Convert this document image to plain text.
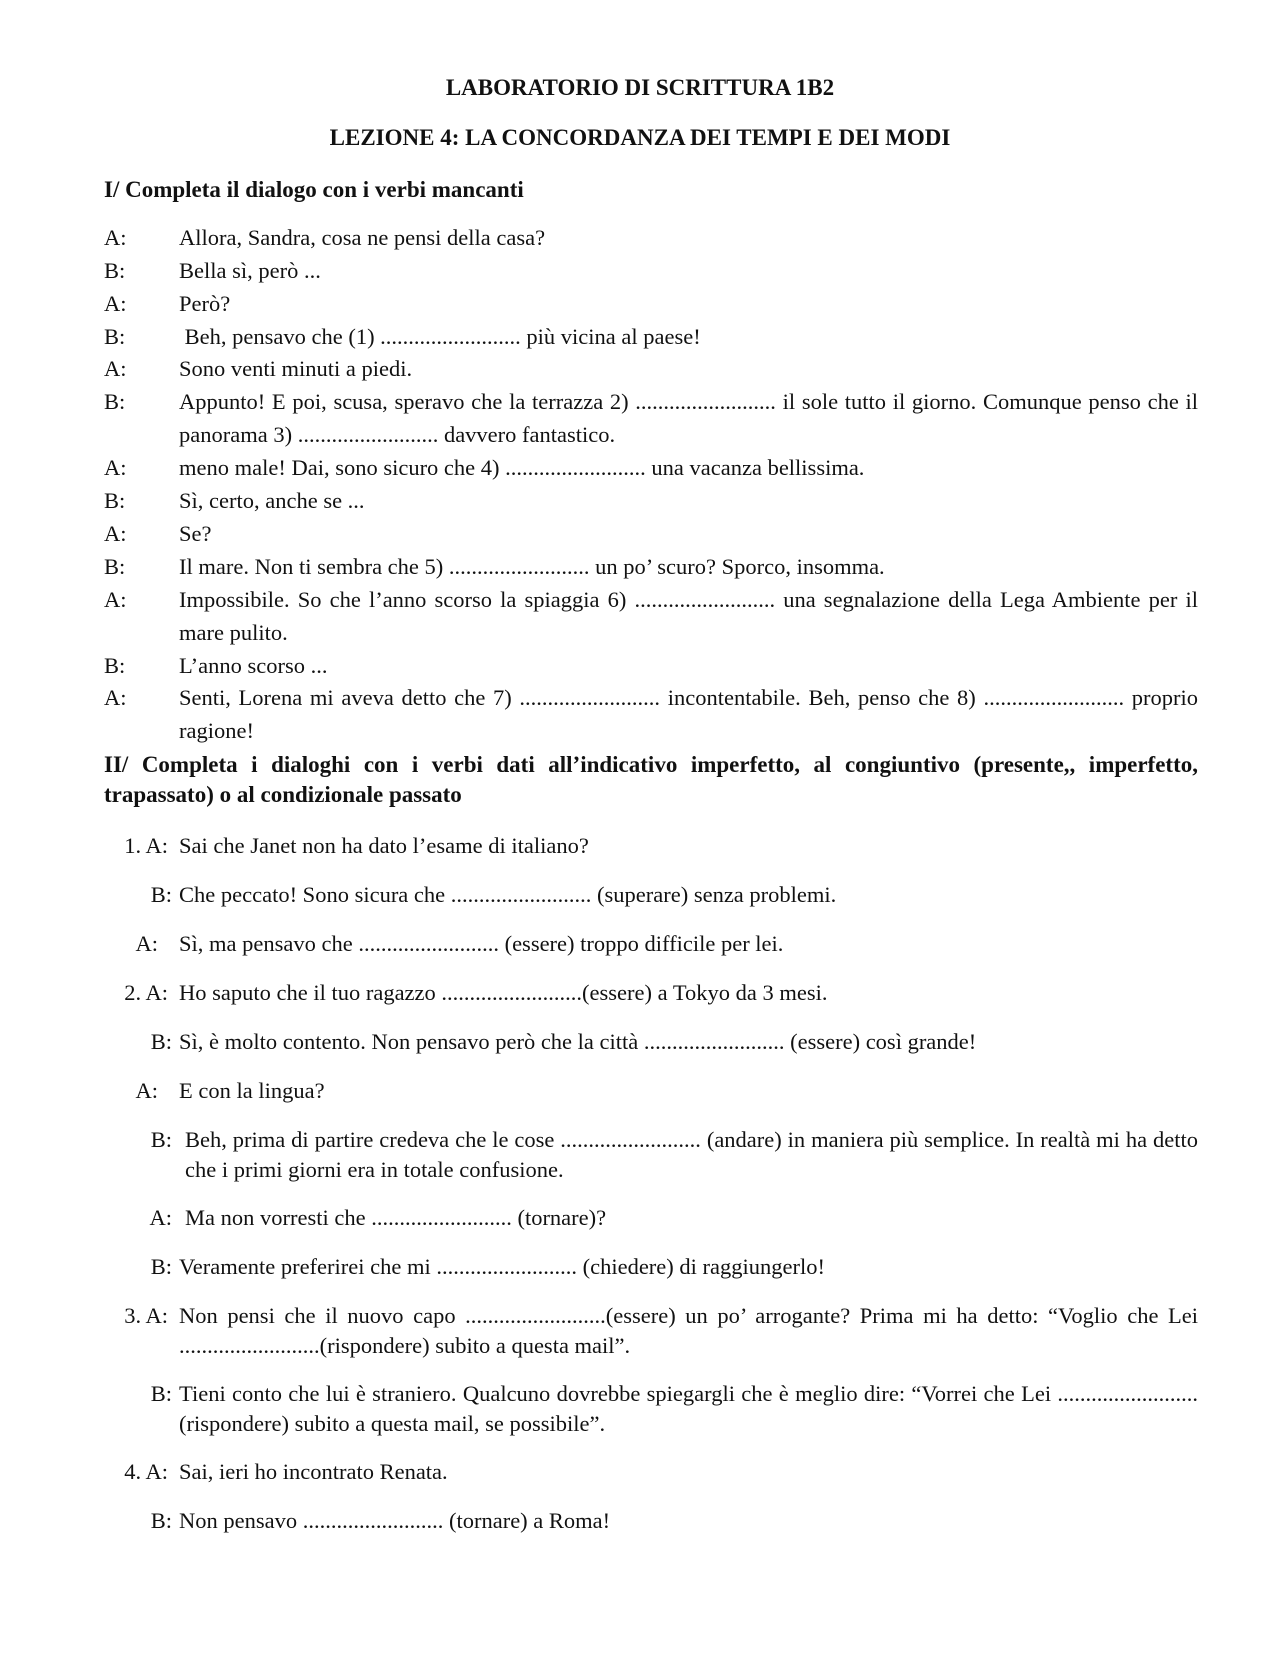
LABORATORIO DI SCRITTURA 1B2
LEZIONE 4: LA CONCORDANZA DEI TEMPI E DEI MODI
I/ Completa il dialogo con i verbi mancanti
A: Allora, Sandra, cosa ne pensi della casa?
B: Bella sì, però ...
A: Però?
B: Beh, pensavo che (1) ......................... più vicina al paese!
A: Sono venti minuti a piedi.
B: Appunto! E poi, scusa, speravo che la terrazza 2) ......................... il sole tutto il giorno. Comunque penso che il panorama 3) ......................... davvero fantastico.
A: meno male! Dai, sono sicuro che 4) ......................... una vacanza bellissima.
B: Sì, certo, anche se ...
A: Se?
B: Il mare. Non ti sembra che 5) ......................... un po’ scuro? Sporco, insomma.
A: Impossibile. So che l’anno scorso la spiaggia 6) ......................... una segnalazione della Lega Ambiente per il mare pulito.
B: L’anno scorso ...
A: Senti, Lorena mi aveva detto che 7) ......................... incontentabile. Beh, penso che 8) ......................... proprio ragione!
II/ Completa i dialoghi con i verbi dati all’indicativo imperfetto, al congiuntivo (presente,, imperfetto, trapassato) o al condizionale passato
1. A: Sai che Janet non ha dato l’esame di italiano?
B: Che peccato! Sono sicura che ......................... (superare) senza problemi.
A: Sì, ma pensavo che ......................... (essere) troppo difficile per lei.
2. A: Ho saputo che il tuo ragazzo .........................(essere) a Tokyo da 3 mesi.
B: Sì, è molto contento. Non pensavo però che la città ......................... (essere) così grande!
A: E con la lingua?
B: Beh, prima di partire credeva che le cose ......................... (andare) in maniera più semplice. In realtà mi ha detto che i primi giorni era in totale confusione.
A: Ma non vorresti che ......................... (tornare)?
B: Veramente preferirei che mi ......................... (chiedere) di raggiungerlo!
3. A: Non pensi che il nuovo capo .........................(essere) un po’ arrogante? Prima mi ha detto: “Voglio che Lei .........................(rispondere) subito a questa mail”.
B: Tieni conto che lui è straniero. Qualcuno dovrebbe spiegargli che è meglio dire: “Vorrei che Lei ......................... (rispondere) subito a questa mail, se possibile”.
4. A: Sai, ieri ho incontrato Renata.
B: Non pensavo ......................... (tornare) a Roma!
